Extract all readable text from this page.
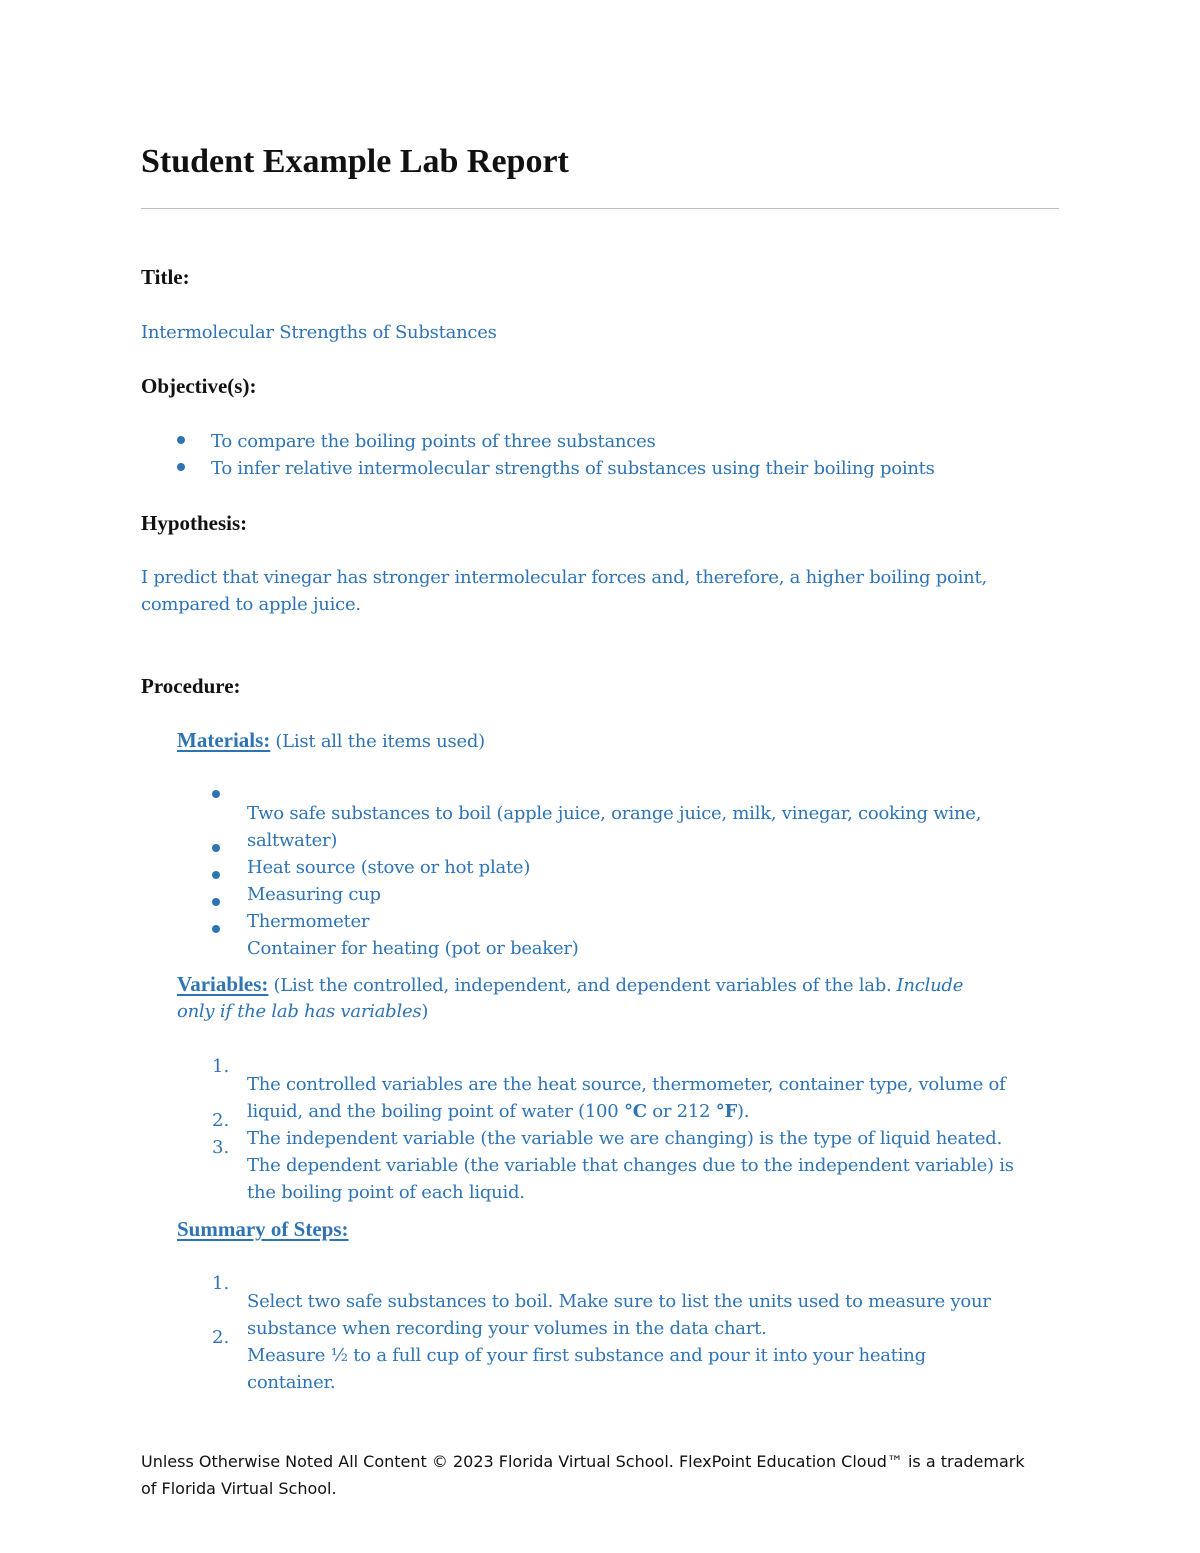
Student Example Lab Report

Title:

Intermolecular Strengths of Substances

Objective(s):

To compare the boiling points of three substances

To infer relative intermolecular strengths of substances using their boiling points

Hypothesis:

I predict that vinegar has stronger intermolecular forces and, therefore, a higher boiling point,

compared to apple juice.

Procedure:

Materials: (List all the items used)

Two safe substances to boil (apple juice, orange juice, milk, vinegar, cooking wine,

saltwater)

Heat source (stove or hot plate)

Measuring cup

Thermometer

Container for heating (pot or beaker)

Variables: (List the controlled, independent, and dependent variables of the lab. Include

only if the lab has variables)

1.

The controlled variables are the heat source, thermometer, container type, volume of

liquid, and the boiling point of water (100 °C or 212 °F).

2.

The independent variable (the variable we are changing) is the type of liquid heated.

3.

The dependent variable (the variable that changes due to the independent variable) is

the boiling point of each liquid.

Summary of Steps:

1.

Select two safe substances to boil. Make sure to list the units used to measure your

substance when recording your volumes in the data chart.

2.

Measure ½ to a full cup of your first substance and pour it into your heating

container.

Unless Otherwise Noted All Content © 2023 Florida Virtual School. FlexPoint Education Cloud™ is a trademark of Florida Virtual School.
